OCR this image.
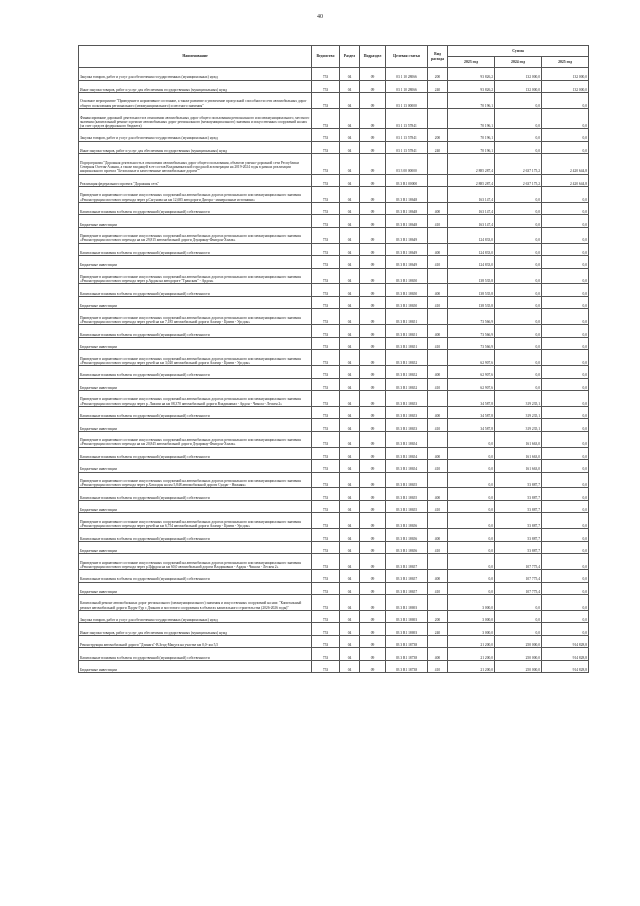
40
Наименование	Ведомство	Раздел	Подраздел	Целевая статья	Вид расхода	Сумма		
						2023 год	2024 год	2025 год
Закупка товаров, работ и услуг для обеспечения государственных (муниципальных) нужд	753	04	09	03 1 10 28066	200	93 826,2	132 000,0	132 000,0
Иные закупки товаров, работ и услуг для обеспечения государственных (муниципальных) нужд	753	04	09	03 1 10 28066	240	93 826,2	132 000,0	132 000,0
Основное мероприятие "Приведение в нормативное состояние, а также развитие и увеличение пропускной способности сети автомобильных дорог общего пользования регионального (межмуниципального) и местного значения"	753	04	09	03 1 13 00000		70 196,1	0,0	0,0
Финансирование дорожной деятельности в отношении автомобильных дорог общего пользования регионального или межмуниципального, местного значения (капитальный ремонт и ремонт автомобильных дорог регионального (межмуниципального) значения и искусственных сооружений на них (за счет средств федерального бюджета)	753	04	09	03 1 13 57841		70 196,1	0,0	0,0
Закупка товаров, работ и услуг для обеспечения государственных (муниципальных) нужд	753	04	09	03 1 13 57841	200	70 196,1	0,0	0,0
Иные закупки товаров, работ и услуг для обеспечения государственных (муниципальных) нужд	753	04	09	03 1 13 57841	240	70 196,1	0,0	0,0
Подпрограмма "Дорожная деятельность в отношении автомобильных дорог общего пользования, объектов улично-дорожной сети Республики Северная Осетия-Алания, а также входящей в ее состав Владикавказской городской агломерации на 2019-2024 годы в рамках реализации национального проекта "Безопасные и качественные автомобильные дороги""	753	04	09	03 3 00 00000		2 885 287,4	2 637 175,2	2 420 644,8
Реализация федерального проекта "Дорожная сеть"	753	04	09	03 3 R1 00000		2 885 287,4	2 637 175,2	2 420 644,8
Приведение в нормативное состояние искусственных сооружений на автомобильных дорогах регионального или межмуниципального значения «Реконструкция мостового перехода через р.Сагунова на км 12,685 автодороги Дигора - минеральные источники»	753	04	09	03 3 R1 18648		163 147,4	0,0	0,0
Капитальные вложения в объекты государственной (муниципальной) собственности	753	04	09	03 3 R1 18648	400	163 147,4	0,0	0,0
Бюджетные инвестиции	753	04	09	03 3 R1 18648	410	163 147,4	0,0	0,0
Приведение в нормативное состояние искусственных сооружений на автомобильных дорогах регионального или межмуниципального значения «Реконструкция мостового перехода на км 29,815 автомобильной дороги Дзуарикау-Фиагдон-Хилак»	753	04	09	03 3 R1 18649		124 833,0	0,0	0,0
Капитальные вложения в объекты государственной (муниципальной) собственности	753	04	09	03 3 R1 18649	400	124 833,0	0,0	0,0
Бюджетные инвестиции	753	04	09	03 3 R1 18649	410	124 833,0	0,0	0,0
Приведение в нормативное состояние искусственных сооружений на автомобильных дорогах регионального или межмуниципального значения «Реконструкция мостового перехода через р.Ардон на автодороге "Транскам" - Ардон»	753	04	09	03 3 R1 18650		138 535,8	0,0	0,0
Капитальные вложения в объекты государственной (муниципальной) собственности	753	04	09	03 3 R1 18650	400	138 535,8	0,0	0,0
Бюджетные инвестиции	753	04	09	03 3 R1 18650	410	138 535,8	0,0	0,0
Приведение в нормативное состояние искусственных сооружений на автомобильных дорогах регионального или межмуниципального значения «Реконструкция мостового перехода через ручей на км 7,185 автомобильной дороги Алагир - Цмити - Урсдон»	753	04	09	03 3 R1 18651		73 566,9	0,0	0,0
Капитальные вложения в объекты государственной (муниципальной) собственности	753	04	09	03 3 R1 18651	400	73 566,9	0,0	0,0
Бюджетные инвестиции	753	04	09	03 3 R1 18651	410	73 566,9	0,0	0,0
Приведение в нормативное состояние искусственных сооружений на автомобильных дорогах регионального или межмуниципального значения «Реконструкция мостового перехода через ручей на км 3,020 автомобильной дороги Алагир - Цмити - Урсдон»	753	04	09	03 3 R1 18652		62 907,6	0,0	0,0
Капитальные вложения в объекты государственной (муниципальной) собственности	753	04	09	03 3 R1 18652	400	62 907,6	0,0	0,0
Бюджетные инвестиции	753	04	09	03 3 R1 18652	410	62 907,6	0,0	0,0
Приведение в нормативное состояние искусственных сооружений на автомобильных дорогах регионального или межмуниципального значения «Реконструкция мостового перехода через р. Лиахви на км 08,370 автомобильной дороги Владикавказ - Ардон - Чикола - Лескен 2»	753	04	09	03 3 R1 18653		34 587,8	319 235,1	0,0
Капитальные вложения в объекты государственной (муниципальной) собственности	753	04	09	03 3 R1 18653	400	34 587,8	319 235,1	0,0
Бюджетные инвестиции	753	04	09	03 3 R1 18653	410	34 587,8	319 235,1	0,0
Приведение в нормативное состояние искусственных сооружений на автомобильных дорогах регионального или межмуниципального значения «Реконструкция мостового перехода на км 20,845 автомобильной дороги Дзуарикау-Фиагдон-Хилак»	753	04	09	03 3 R1 18654		0,0	161 663,0	0,0
Капитальные вложения в объекты государственной (муниципальной) собственности	753	04	09	03 3 R1 18654	400	0,0	161 663,0	0,0
Бюджетные инвестиции	753	04	09	03 3 R1 18654	410	0,0	161 663,0	0,0
Приведение в нормативное состояние искусственных сооружений на автомобильных дорогах регионального или межмуниципального значения «Реконструкция мостового перехода через р.Хаталдон на км 5,848 автомобильной дороги Суадаг - Нижняя»	753	04	09	03 3 R1 18655		0,0	53 887,7	0,0
Капитальные вложения в объекты государственной (муниципальной) собственности	753	04	09	03 3 R1 18655	400	0,0	53 887,7	0,0
Бюджетные инвестиции	753	04	09	03 3 R1 18655	410	0,0	53 887,7	0,0
Приведение в нормативное состояние искусственных сооружений на автомобильных дорогах регионального или межмуниципального значения «Реконструкция мостового перехода через ручей на км 6,754 автомобильной дороги Алагир - Цмити - Урсдон»	753	04	09	03 3 R1 18656		0,0	53 887,7	0,0
Капитальные вложения в объекты государственной (муниципальной) собственности	753	04	09	03 3 R1 18656	400	0,0	53 887,7	0,0
Бюджетные инвестиции	753	04	09	03 3 R1 18656	410	0,0	53 887,7	0,0
Приведение в нормативное состояние искусственных сооружений на автомобильных дорогах регионального или межмуниципального значения «Реконструкция мостового перехода через р.Цфрдон на км 60,0 автомобильной дороги Владикавказ - Ардон - Чикола - Лескен 2»	753	04	09	03 3 R1 18657		0,0	107 775,4	0,0
Капитальные вложения в объекты государственной (муниципальной) собственности	753	04	09	03 3 R1 18657	400	0,0	107 775,4	0,0
Бюджетные инвестиции	753	04	09	03 3 R1 18657	410	0,0	107 775,4	0,0
Капитальный ремонт автомобильных дорог регионального (межмуниципального) значения и искусственных сооружений на них: "Капитальный ремонт автомобильной дороги Падун-Гур с Дзинаги и мостового сооружения в объектах капитального строительства (2026-2026 годы)"	753	04	09	03 3 R1 18693		3 000,0	0,0	0,0
Закупка товаров, работ и услуг для обеспечения государственных (муниципальных) нужд	753	04	09	03 3 R1 18693	200	3 000,0	0,0	0,0
Иные закупки товаров, работ и услуг для обеспечения государственных (муниципальных) нужд	753	04	09	03 3 R1 18693	240	3 000,0	0,0	0,0
Реконструкция автомобильной дороги "Дзинага"-В.Згид-Мацута на участке км 0,0- км 5,5	753	04	09	03 3 R1 18738		21 200,0	250 000,0	914 828,8
Капитальные вложения в объекты государственной (муниципальной) собственности	753	04	09	03 3 R1 18738	400	21 200,0	250 000,0	914 828,8
Бюджетные инвестиции	753	04	09	03 3 R1 18738	410	21 200,0	250 000,0	914 828,8
